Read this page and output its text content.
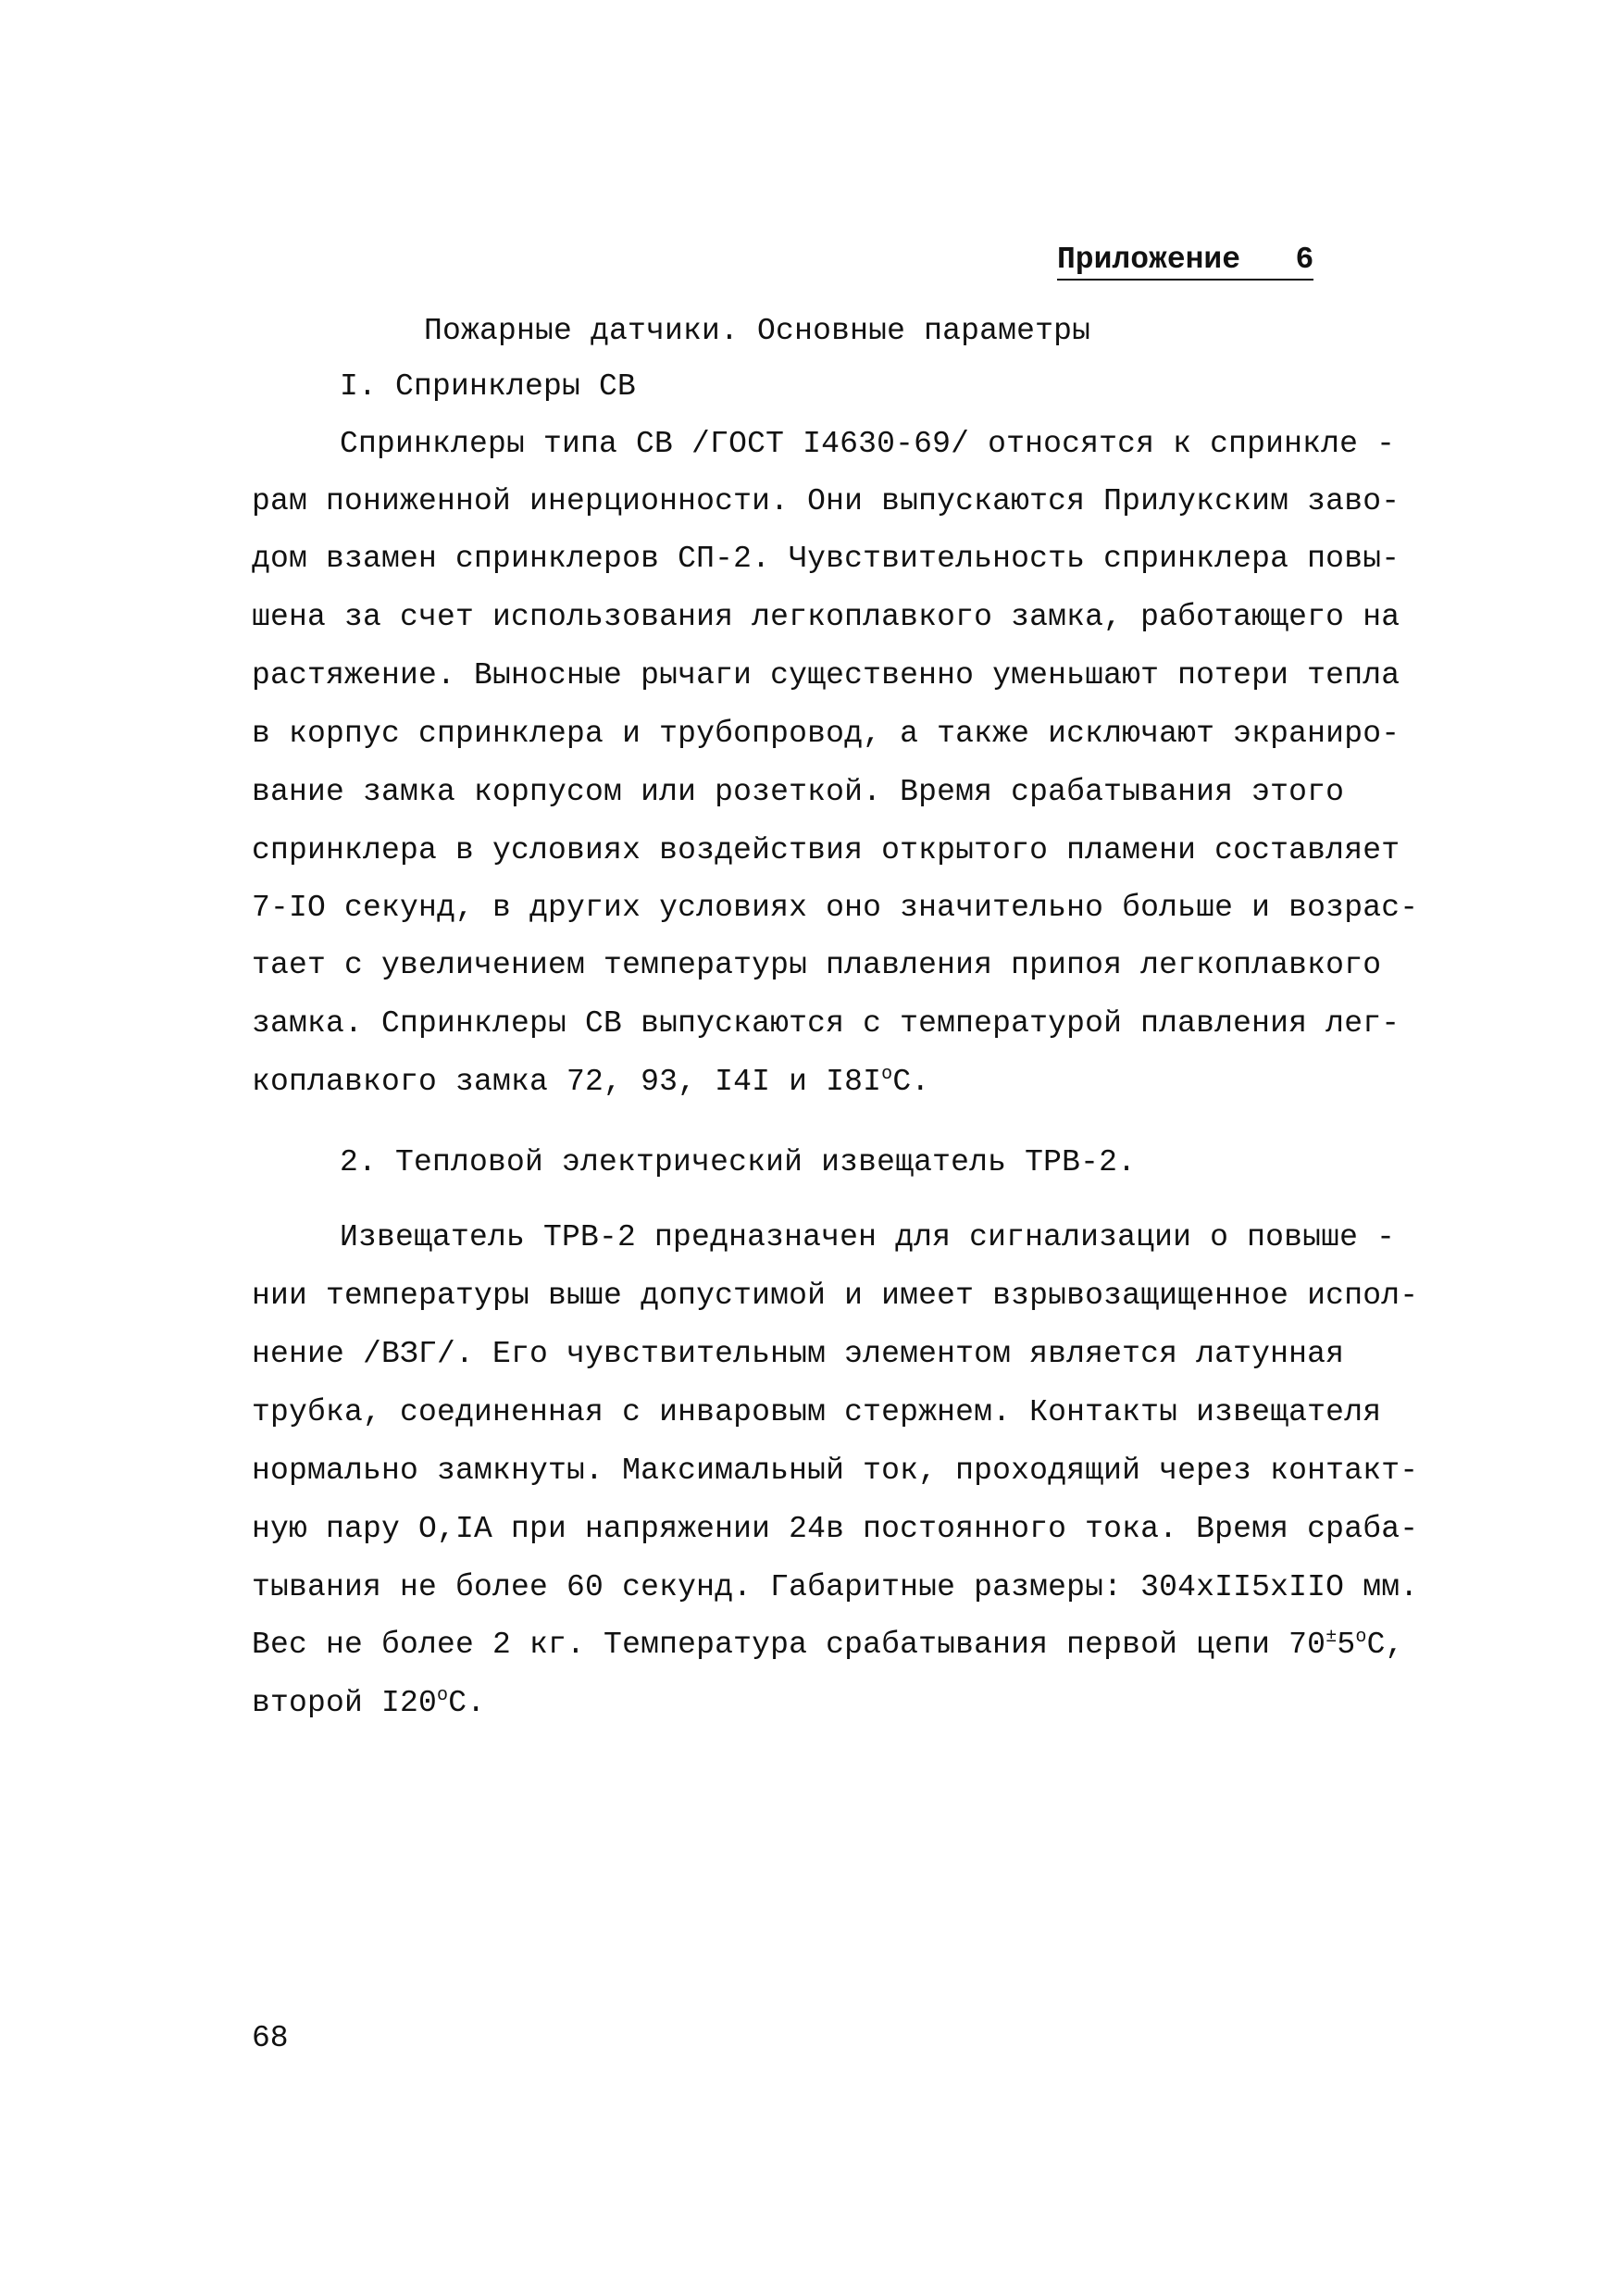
Приложение   6
Пожарные датчики. Основные параметры
I. Спринклеры СВ
Спринклеры типа СВ /ГОСТ I4630-69/ относятся к спринкле -
рам пониженной инерционности. Они выпускаются Прилукским заво-
дом взамен спринклеров СП-2. Чувствительность спринклера повы-
шена за счет использования легкоплавкого замка, работающего на
растяжение. Выносные рычаги существенно уменьшают потери тепла
в корпус спринклера и трубопровод, а также исключают экраниро-
вание замка корпусом или розеткой. Время срабатывания этого
спринклера в условиях воздействия открытого пламени составляет
7-IO секунд, в других условиях оно значительно больше и возрас-
тает с увеличением температуры плавления припоя легкоплавкого
замка. Спринклеры СВ выпускаются с температурой плавления лег-
коплавкого замка 72, 93, I4I и $I8I^оС$.
2. Тепловой электрический извещатель ТРВ-2.
Извещатель ТРВ-2 предназначен для сигнализации о повыше -
нии температуры выше допустимой и имеет взрывозащищенное испол-
нение /ВЗГ/. Его чувствительным элементом является латунная
трубка, соединенная с инваровым стержнем. Контакты извещателя
нормально замкнуты. Максимальный ток, проходящий через контакт-
ную пару О,IА при напряжении 24в постоянного тока. Время сраба-
тывания не более 60 секунд. Габаритные размеры: 304хII5хIIО мм.
Вес не более 2 кг. Температура срабатывания первой цепи $70^\pm 5^оС$,
второй $I20^оС$.
68
